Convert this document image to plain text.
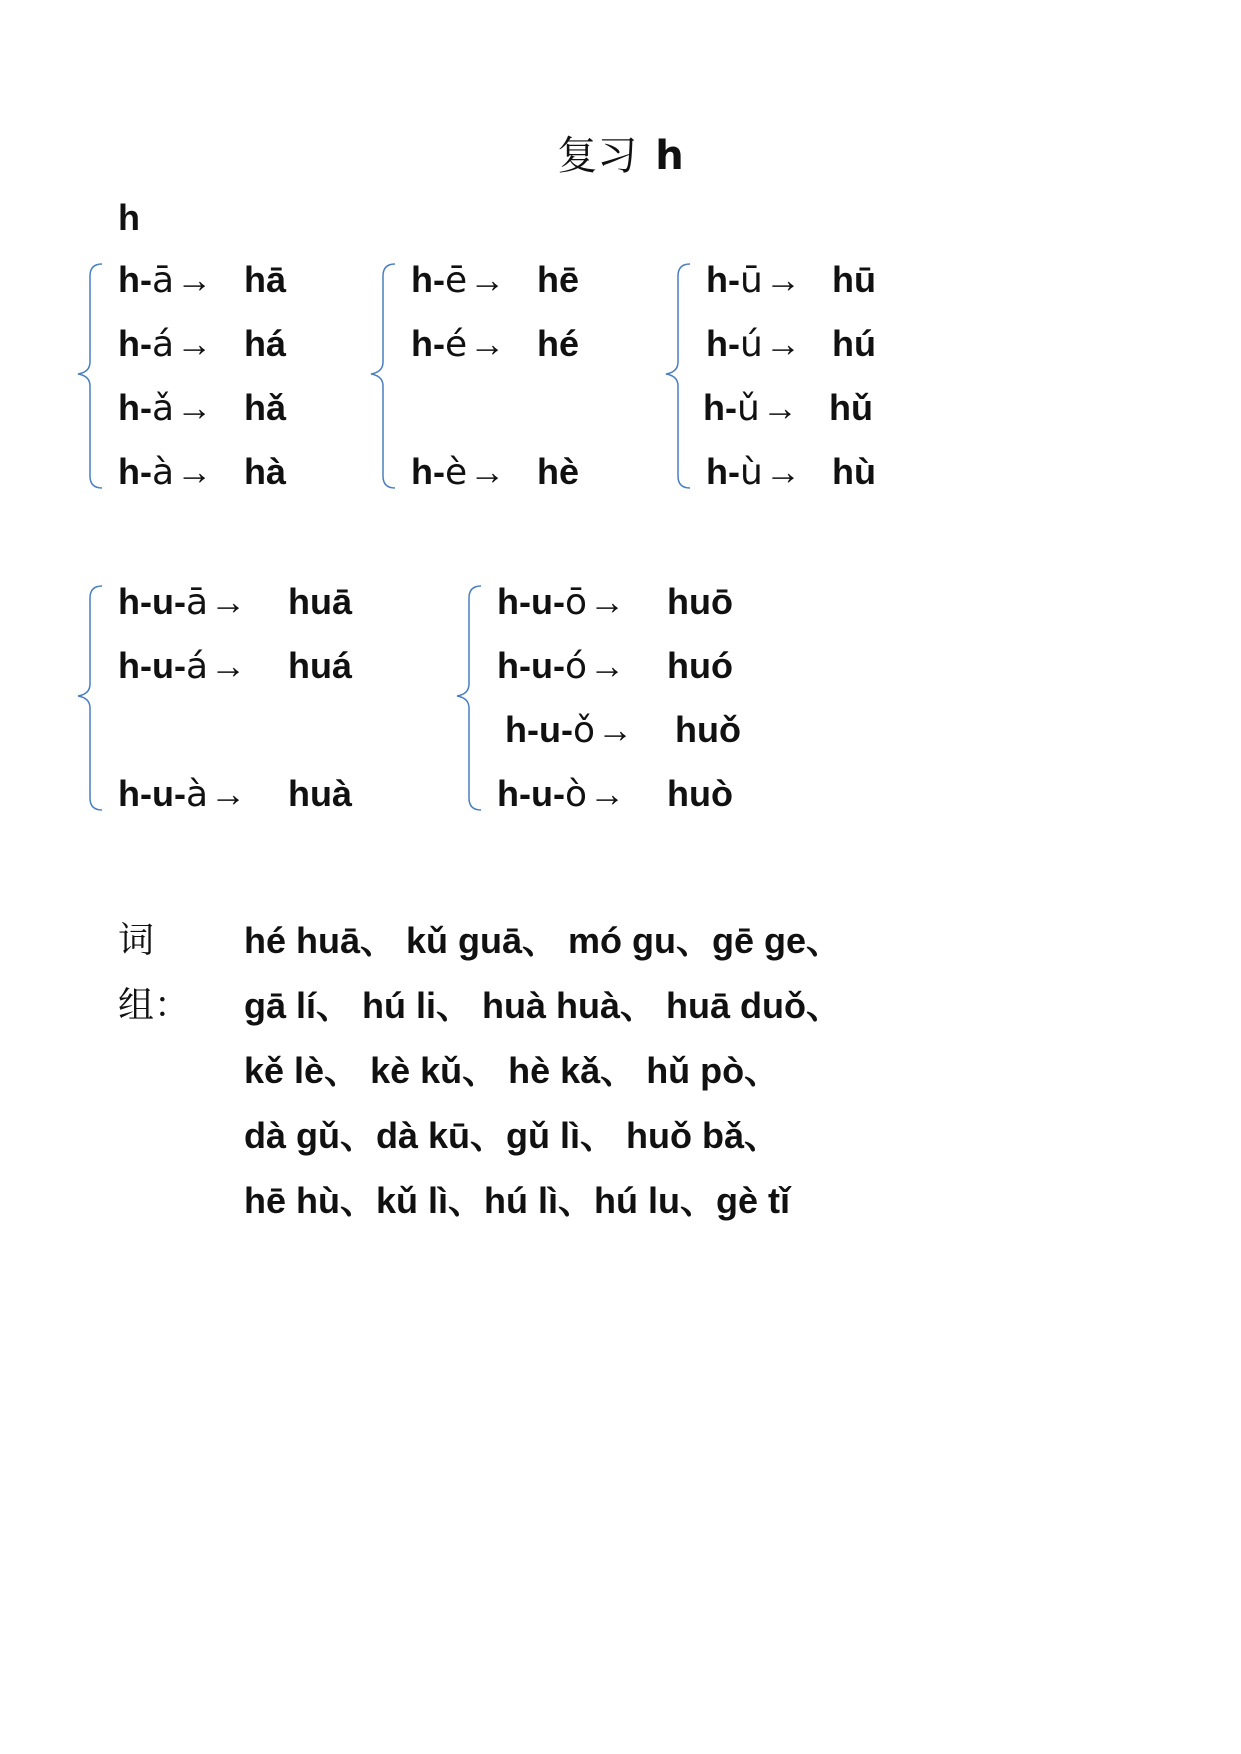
复习 h
h
h-ā→ hā
h-á→ há
h-ǎ→ hǎ
h-à→ hà
h-ē→ hē
h-é→ hé
h-è→ hè
h-ū→ hū
h-ú→ hú
h-ǔ→ hǔ
h-ù→ hù
h-u-ā→ huā
h-u-á→ huá
h-u-à→ huà
h-u-ō→ huō
h-u-ó→ huó
h-u-ǒ→ huǒ
h-u-ò→ huò
词组：
hé huā、 kǔ guā、 mó gu、gē ge、
gā lí、 hú li、 huà huà、 huā duǒ、
kě lè、 kè kǔ、 hè kǎ、 hǔ pò、
dà gǔ、dà kū、gǔ lì、 huǒ bǎ、
hē hù、kǔ lì、hú lì、hú lu、gè tǐ
